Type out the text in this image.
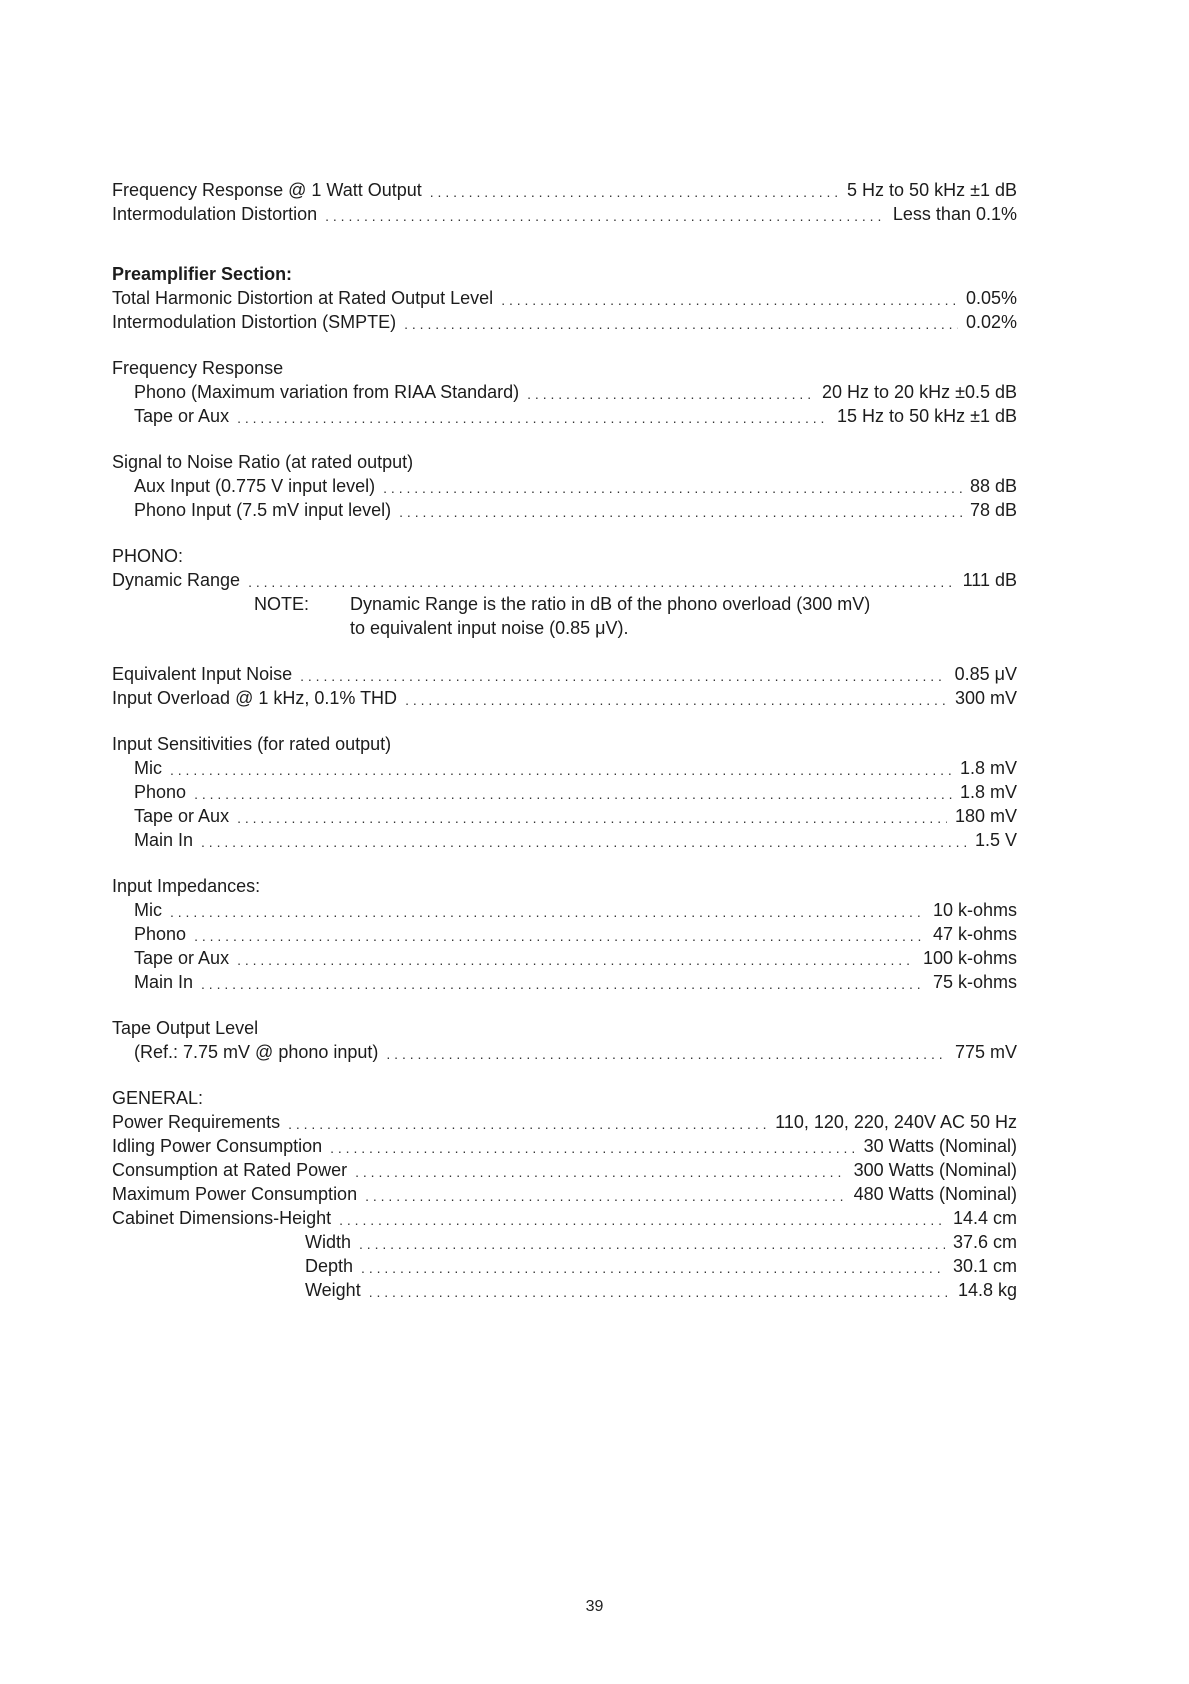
Frequency Response @ 1 Watt Output . . .	5 Hz to 50 kHz ±1 dB
Intermodulation Distortion . . .	Less than 0.1%
Preamplifier Section:
Total Harmonic Distortion at Rated Output Level . . .	0.05%
Intermodulation Distortion (SMPTE) . . .	0.02%
Frequency Response
Phono (Maximum variation from RIAA Standard) . . .	20 Hz to 20 kHz ±0.5 dB
Tape or Aux . . .	15 Hz to 50 kHz ±1 dB
Signal to Noise Ratio (at rated output)
Aux Input (0.775 V input level) . . .	88 dB
Phono Input (7.5 mV input level) . . .	78 dB
PHONO:
Dynamic Range . . .	111 dB
NOTE:	Dynamic Range is the ratio in dB of the phono overload (300 mV)
to equivalent input noise (0.85 μV).
Equivalent Input Noise . . .	0.85 μV
Input Overload @ 1 kHz, 0.1% THD . . .	300 mV
Input Sensitivities (for rated output)
Mic . . .	1.8 mV
Phono . . .	1.8 mV
Tape or Aux . . .	180 mV
Main In . . .	1.5 V
Input Impedances:
Mic . . .	10 k-ohms
Phono . . .	47 k-ohms
Tape or Aux . . .	100 k-ohms
Main In . . .	75 k-ohms
Tape Output Level
(Ref.: 7.75 mV @ phono input) . . .	775 mV
GENERAL:
Power Requirements . . .	110, 120, 220, 240V AC 50 Hz
Idling Power Consumption . . .	30 Watts (Nominal)
Consumption at Rated Power . . .	300 Watts (Nominal)
Maximum Power Consumption . . .	480 Watts (Nominal)
Cabinet Dimensions-Height . . .	14.4 cm
Width . . .	37.6 cm
Depth . . .	30.1 cm
Weight . . .	14.8 kg
39
